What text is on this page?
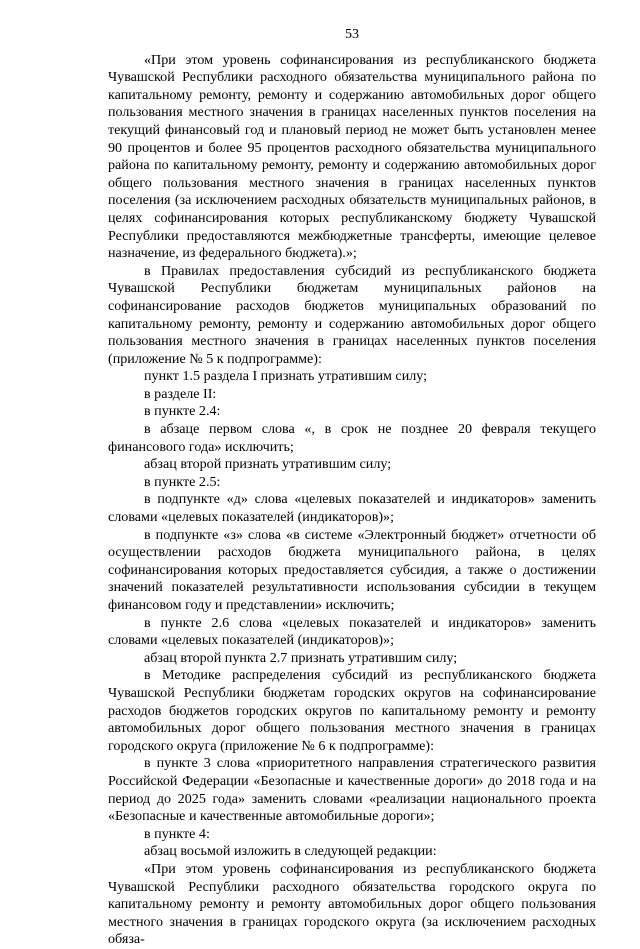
53

«При этом уровень софинансирования из республиканского бюджета Чувашской Республики расходного обязательства муниципального района по капитальному ремонту, ремонту и содержанию автомобильных дорог общего пользования местного значения в границах населенных пунктов поселения на текущий финансовый год и плановый период не может быть установлен менее 90 процентов и более 95 процентов расходного обязательства муниципального района по капитальному ремонту, ремонту и содержанию автомобильных дорог общего пользования местного значения в границах населенных пунктов поселения (за исключением расходных обязательств муниципальных районов, в целях софинансирования которых республиканскому бюджету Чувашской Республики предоставляются межбюджетные трансферты, имеющие целевое назначение, из федерального бюджета).»;

в Правилах предоставления субсидий из республиканского бюджета Чувашской Республики бюджетам муниципальных районов на софинансирование расходов бюджетов муниципальных образований по капитальному ремонту, ремонту и содержанию автомобильных дорог общего пользования местного значения в границах населенных пунктов поселения (приложение № 5 к подпрограмме):

пункт 1.5 раздела I признать утратившим силу;

в разделе II:

в пункте 2.4:

в абзаце первом слова «, в срок не позднее 20 февраля текущего финансового года» исключить;

абзац второй признать утратившим силу;

в пункте 2.5:

в подпункте «д» слова «целевых показателей и индикаторов» заменить словами «целевых показателей (индикаторов)»;

в подпункте «з» слова «в системе «Электронный бюджет» отчетности об осуществлении расходов бюджета муниципального района, в целях софинансирования которых предоставляется субсидия, а также о достижении значений показателей результативности использования субсидии в текущем финансовом году и представлении» исключить;

в пункте 2.6 слова «целевых показателей и индикаторов» заменить словами «целевых показателей (индикаторов)»;

абзац второй пункта 2.7 признать утратившим силу;

в Методике распределения субсидий из республиканского бюджета Чувашской Республики бюджетам городских округов на софинансирование расходов бюджетов городских округов по капитальному ремонту и ремонту автомобильных дорог общего пользования местного значения в границах городского округа (приложение № 6 к подпрограмме):

в пункте 3 слова «приоритетного направления стратегического развития Российской Федерации «Безопасные и качественные дороги» до 2018 года и на период до 2025 года» заменить словами «реализации национального проекта «Безопасные и качественные автомобильные дороги»;

в пункте 4:

абзац восьмой изложить в следующей редакции:

«При этом уровень софинансирования из республиканского бюджета Чувашской Республики расходного обязательства городского округа по капитальному ремонту и ремонту автомобильных дорог общего пользования местного значения в границах городского округа (за исключением расходных обяза-
